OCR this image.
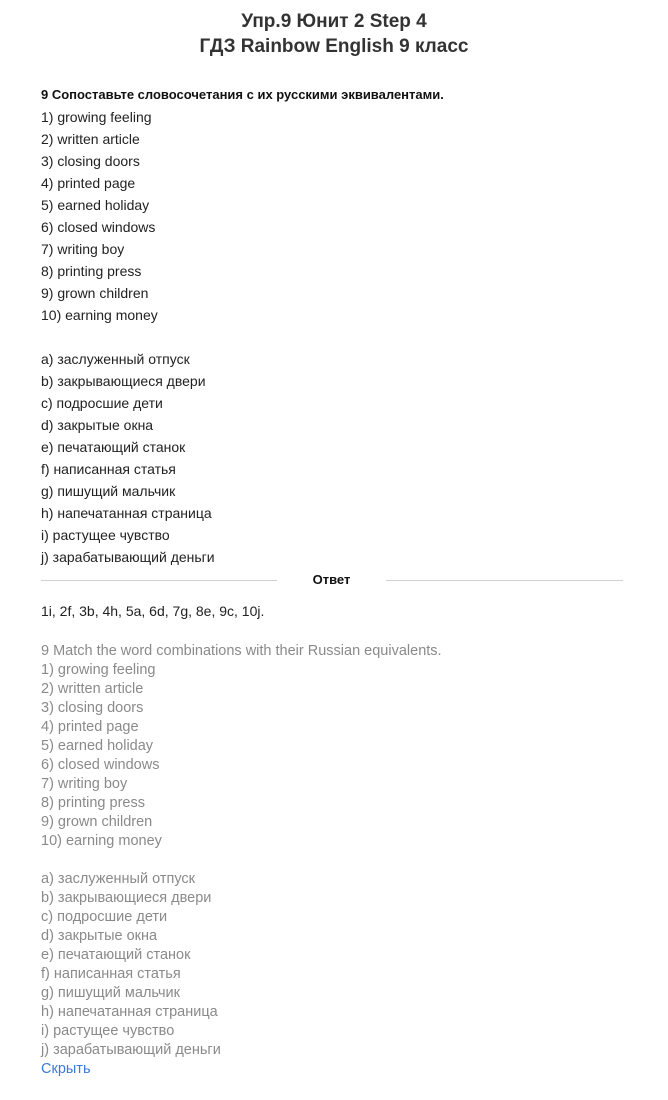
Упр.9 Юнит 2 Step 4
ГДЗ Rainbow English 9 класс
9 Сопоставьте словосочетания с их русскими эквивалентами.
1) growing feeling
2) written article
3) closing doors
4) printed page
5) earned holiday
6) closed windows
7) writing boy
8) printing press
9) grown children
10) earning money
а) заслуженный отпуск
b) закрывающиеся двери
с) подросшие дети
d) закрытые окна
е) печатающий станок
f) написанная статья
g) пишущий мальчик
h) напечатанная страница
i) растущее чувство
j) зарабатывающий деньги
Ответ
1i, 2f, 3b, 4h, 5a, 6d, 7g, 8e, 9c, 10j.
9 Match the word combinations with their Russian equivalents.
1) growing feeling
2) written article
3) closing doors
4) printed page
5) earned holiday
6) closed windows
7) writing boy
8) printing press
9) grown children
10) earning money
а) заслуженный отпуск
b) закрывающиеся двери
с) подросшие дети
d) закрытые окна
е) печатающий станок
f) написанная статья
g) пишущий мальчик
h) напечатанная страница
i) растущее чувство
j) зарабатывающий деньги
Скрыть
